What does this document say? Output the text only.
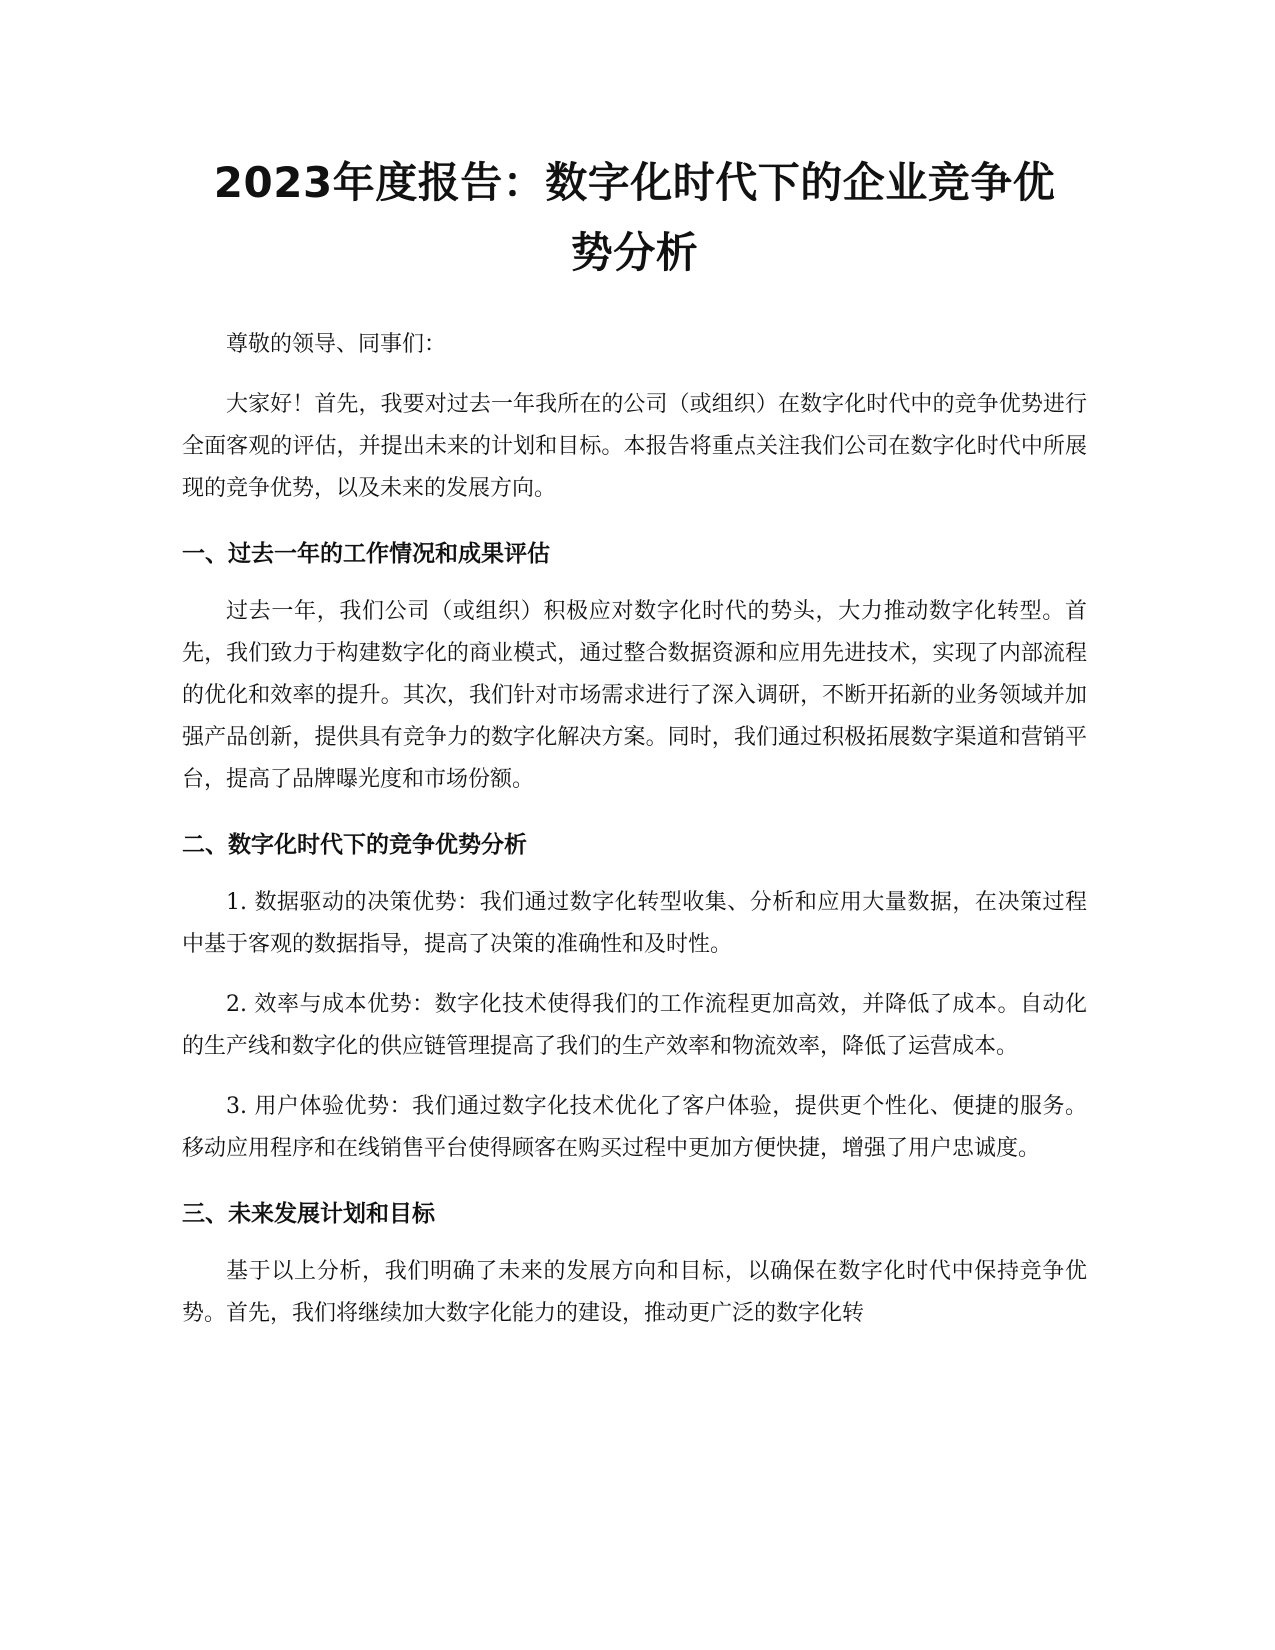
2023年度报告：数字化时代下的企业竞争优
势分析

尊敬的领导、同事们：

大家好！首先，我要对过去一年我所在的公司（或组织）在数字化时代中的竞争优势进行全面客观的评估，并提出未来的计划和目标。本报告将重点关注我们公司在数字化时代中所展现的竞争优势，以及未来的发展方向。

一、过去一年的工作情况和成果评估

过去一年，我们公司（或组织）积极应对数字化时代的势头，大力推动数字化转型。首先，我们致力于构建数字化的商业模式，通过整合数据资源和应用先进技术，实现了内部流程的优化和效率的提升。其次，我们针对市场需求进行了深入调研，不断开拓新的业务领域并加强产品创新，提供具有竞争力的数字化解决方案。同时，我们通过积极拓展数字渠道和营销平台，提高了品牌曝光度和市场份额。

二、数字化时代下的竞争优势分析

1. 数据驱动的决策优势：我们通过数字化转型收集、分析和应用大量数据，在决策过程中基于客观的数据指导，提高了决策的准确性和及时性。

2. 效率与成本优势：数字化技术使得我们的工作流程更加高效，并降低了成本。自动化的生产线和数字化的供应链管理提高了我们的生产效率和物流效率，降低了运营成本。

3. 用户体验优势：我们通过数字化技术优化了客户体验，提供更个性化、便捷的服务。移动应用程序和在线销售平台使得顾客在购买过程中更加方便快捷，增强了用户忠诚度。

三、未来发展计划和目标

基于以上分析，我们明确了未来的发展方向和目标，以确保在数字化时代中保持竞争优势。首先，我们将继续加大数字化能力的建设，推动更广泛的数字化转
